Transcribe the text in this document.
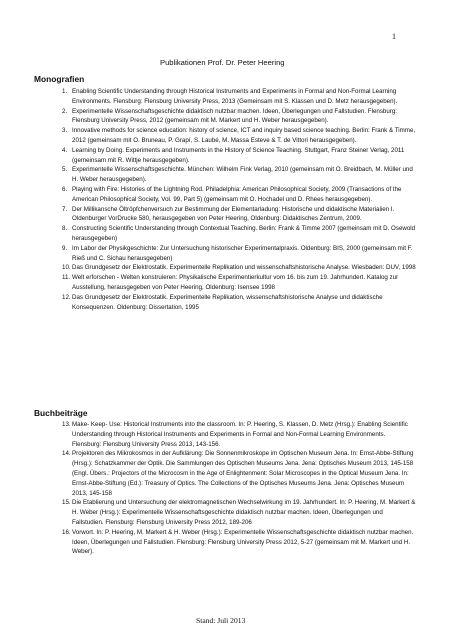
1
Publikationen Prof. Dr. Peter Heering
Monografien
1. Enabling Scientific Understanding through Historical Instruments and Experiments in Formal and Non-Formal Learning Environments. Flensburg: Flensburg University Press, 2013 (Gemeinsam mit S. Klassen und D. Metz herausgegeben).
2. Experimentelle Wissenschaftsgeschichte didaktisch nutzbar machen. Ideen, Überlegungen und Fallstudien. Flensburg: Flensburg University Press, 2012 (gemeinsam mit M. Markert und H. Weber herausgegeben).
3. Innovative methods for science education: history of science, ICT and inquiry based science teaching. Berlin: Frank & Timme, 2012 (gemeinsam mit O. Bruneau, P. Grapí, S. Laubé, M. Massa Esteve & T. de Vittori herausgegeben).
4. Learning by Doing. Experiments and Instruments in the History of Science Teaching. Stuttgart, Franz Steiner Verlag, 2011 (gemeinsam mit R. Wittje herausgegeben).
5. Experimentelle Wissenschaftsgeschichte. München: Wilhelm Fink Verlag, 2010 (gemeinsam mit O. Breidbach, M. Müller und H. Weber herausgegeben).
6. Playing with Fire: Histories of the Lightning Rod. Philadelphia: American Philosophical Society, 2009 (Transactions of the American Philosophical Society, Vol. 99, Part 5) (gemeinsam mit O. Hochadel und D. Rhees herausgegeben).
7. Der Millikansche Öltröpfchenversuch zur Bestimmung der Elementarladung: Historische und didaktische Materialien I. Oldenburger VorDrucke 580, herausgegeben von Peter Heering, Oldenburg: Didaktisches Zentrum, 2009.
8. Constructing Scientific Understanding through Contextual Teaching. Berlin: Frank & Timme 2007 (gemeinsam mit D. Osewold herausgegeben)
9. Im Labor der Physikgeschichte: Zur Untersuchung historischer Experimentalpraxis. Oldenburg: BIS, 2000 (gemeinsam mit F. Rieß und C. Sichau herausgegeben)
10. Das Grundgesetz der Elektrostatik. Experimentelle Replikation und wissenschaftshistorische Analyse. Wiesbaden: DUV, 1998
11. Welt erforschen - Welten konstruieren: Physikalische Experimentierkultur vom 16. bis zum 19. Jahrhundert. Katalog zur Ausstellung, herausgegeben von Peter Heering, Oldenburg: Isensee 1998
12. Das Grundgesetz der Elektrostatik. Experimentelle Replikation, wissenschaftshistorische Analyse und didaktische Konsequenzen. Oldenburg: Dissertation, 1995
Buchbeiträge
13. Make- Keep- Use: Historical Instruments into the classroom. In: P. Heering, S. Klassen, D. Metz (Hrsg.): Enabling Scientific Understanding through Historical Instruments and Experiments in Formal and Non-Formal Learning Environments. Flensburg: Flensburg University Press 2013, 143-156.
14. Projektoren des Mikrokosmos in der Aufklärung: Die Sonnenmikroskope im Optischen Museum Jena. In: Ernst-Abbe-Stiftung (Hrsg.): Schatzkammer der Optik. Die Sammlungen des Optischen Museums Jena. Jena: Optisches Museum 2013, 145-158 (Engl. Übers.: Projectors of the Microcosm in the Age of Enlightenment: Solar Microscopes in the Optical Museum Jena. In: Ernst-Abbe-Stiftung (Ed.): Treasury of Optics. The Collections of the Optisches Museums Jena. Jena: Optisches Museum 2013, 145-158
15. Die Etablierung und Untersuchung der elektromagnetischen Wechselwirkung im 19. Jahrhundert. In: P. Heering, M. Markert & H. Weber (Hrsg.): Experimentelle Wissenschaftsgeschichte didaktisch nutzbar machen. Ideen, Überlegungen und Fallstudien. Flensburg: Flensburg University Press 2012, 189-206
16. Vorwort. In: P. Heering, M. Markert & H. Weber (Hrsg.): Experimentelle Wissenschaftsgeschichte didaktisch nutzbar machen. Ideen, Überlegungen und Fallstudien. Flensburg: Flensburg University Press 2012, 5-27 (gemeinsam mit M. Markert und H. Weber).
Stand: Juli 2013
